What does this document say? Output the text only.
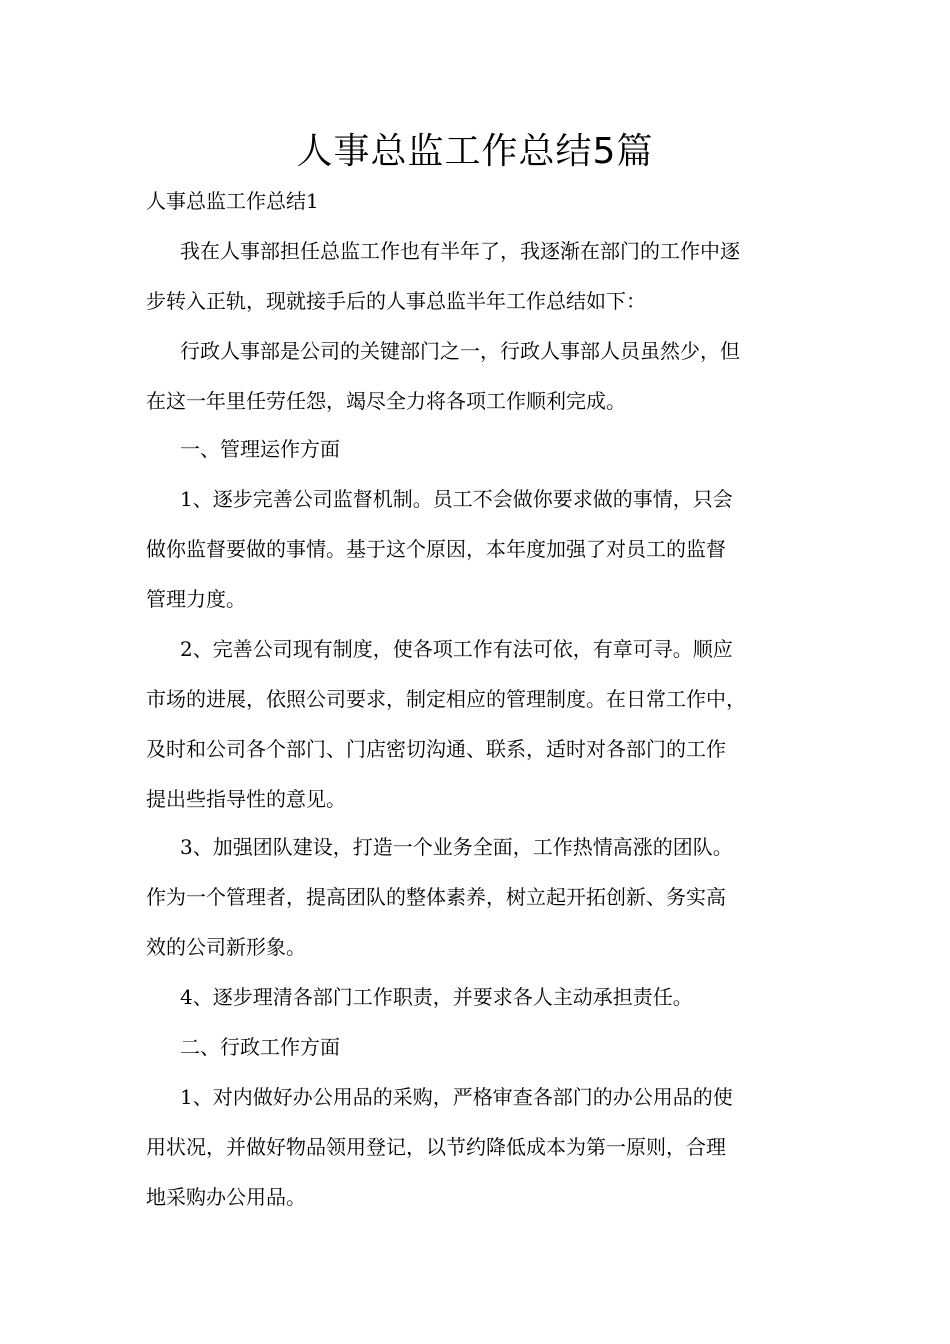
人事总监工作总结5篇
人事总监工作总结1
我在人事部担任总监工作也有半年了，我逐渐在部门的工作中逐
步转入正轨，现就接手后的人事总监半年工作总结如下：
行政人事部是公司的关键部门之一，行政人事部人员虽然少，但
在这一年里任劳任怨，竭尽全力将各项工作顺利完成。
一、管理运作方面
1、逐步完善公司监督机制。员工不会做你要求做的事情，只会
做你监督要做的事情。基于这个原因，本年度加强了对员工的监督
管理力度。
2、完善公司现有制度，使各项工作有法可依，有章可寻。顺应
市场的进展，依照公司要求，制定相应的管理制度。在日常工作中，
及时和公司各个部门、门店密切沟通、联系，适时对各部门的工作
提出些指导性的意见。
3、加强团队建设，打造一个业务全面，工作热情高涨的团队。
作为一个管理者，提高团队的整体素养，树立起开拓创新、务实高
效的公司新形象。
4、逐步理清各部门工作职责，并要求各人主动承担责任。
二、行政工作方面
1、对内做好办公用品的采购，严格审查各部门的办公用品的使
用状况，并做好物品领用登记，以节约降低成本为第一原则，合理
地采购办公用品。
